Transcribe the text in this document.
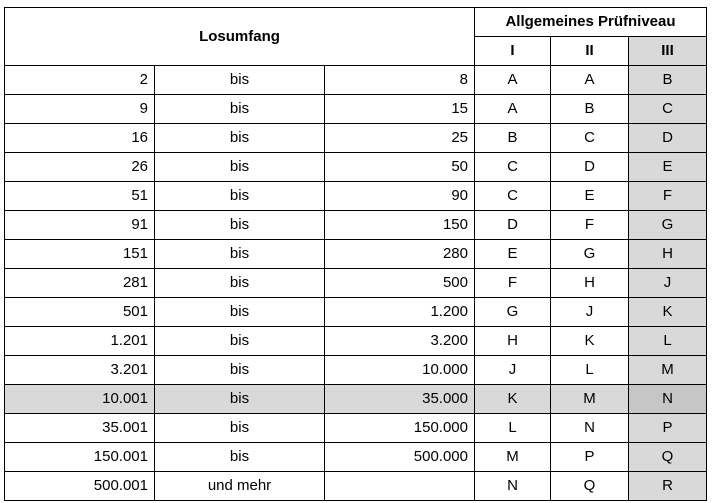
Losumfang			Allgemeines Prüfniveau		
			I	II	III
2	bis	8	A	A	B
9	bis	15	A	B	C
16	bis	25	B	C	D
26	bis	50	C	D	E
51	bis	90	C	E	F
91	bis	150	D	F	G
151	bis	280	E	G	H
281	bis	500	F	H	J
501	bis	1.200	G	J	K
1.201	bis	3.200	H	K	L
3.201	bis	10.000	J	L	M
10.001	bis	35.000	K	M	N
35.001	bis	150.000	L	N	P
150.001	bis	500.000	M	P	Q
500.001	und mehr		N	Q	R
